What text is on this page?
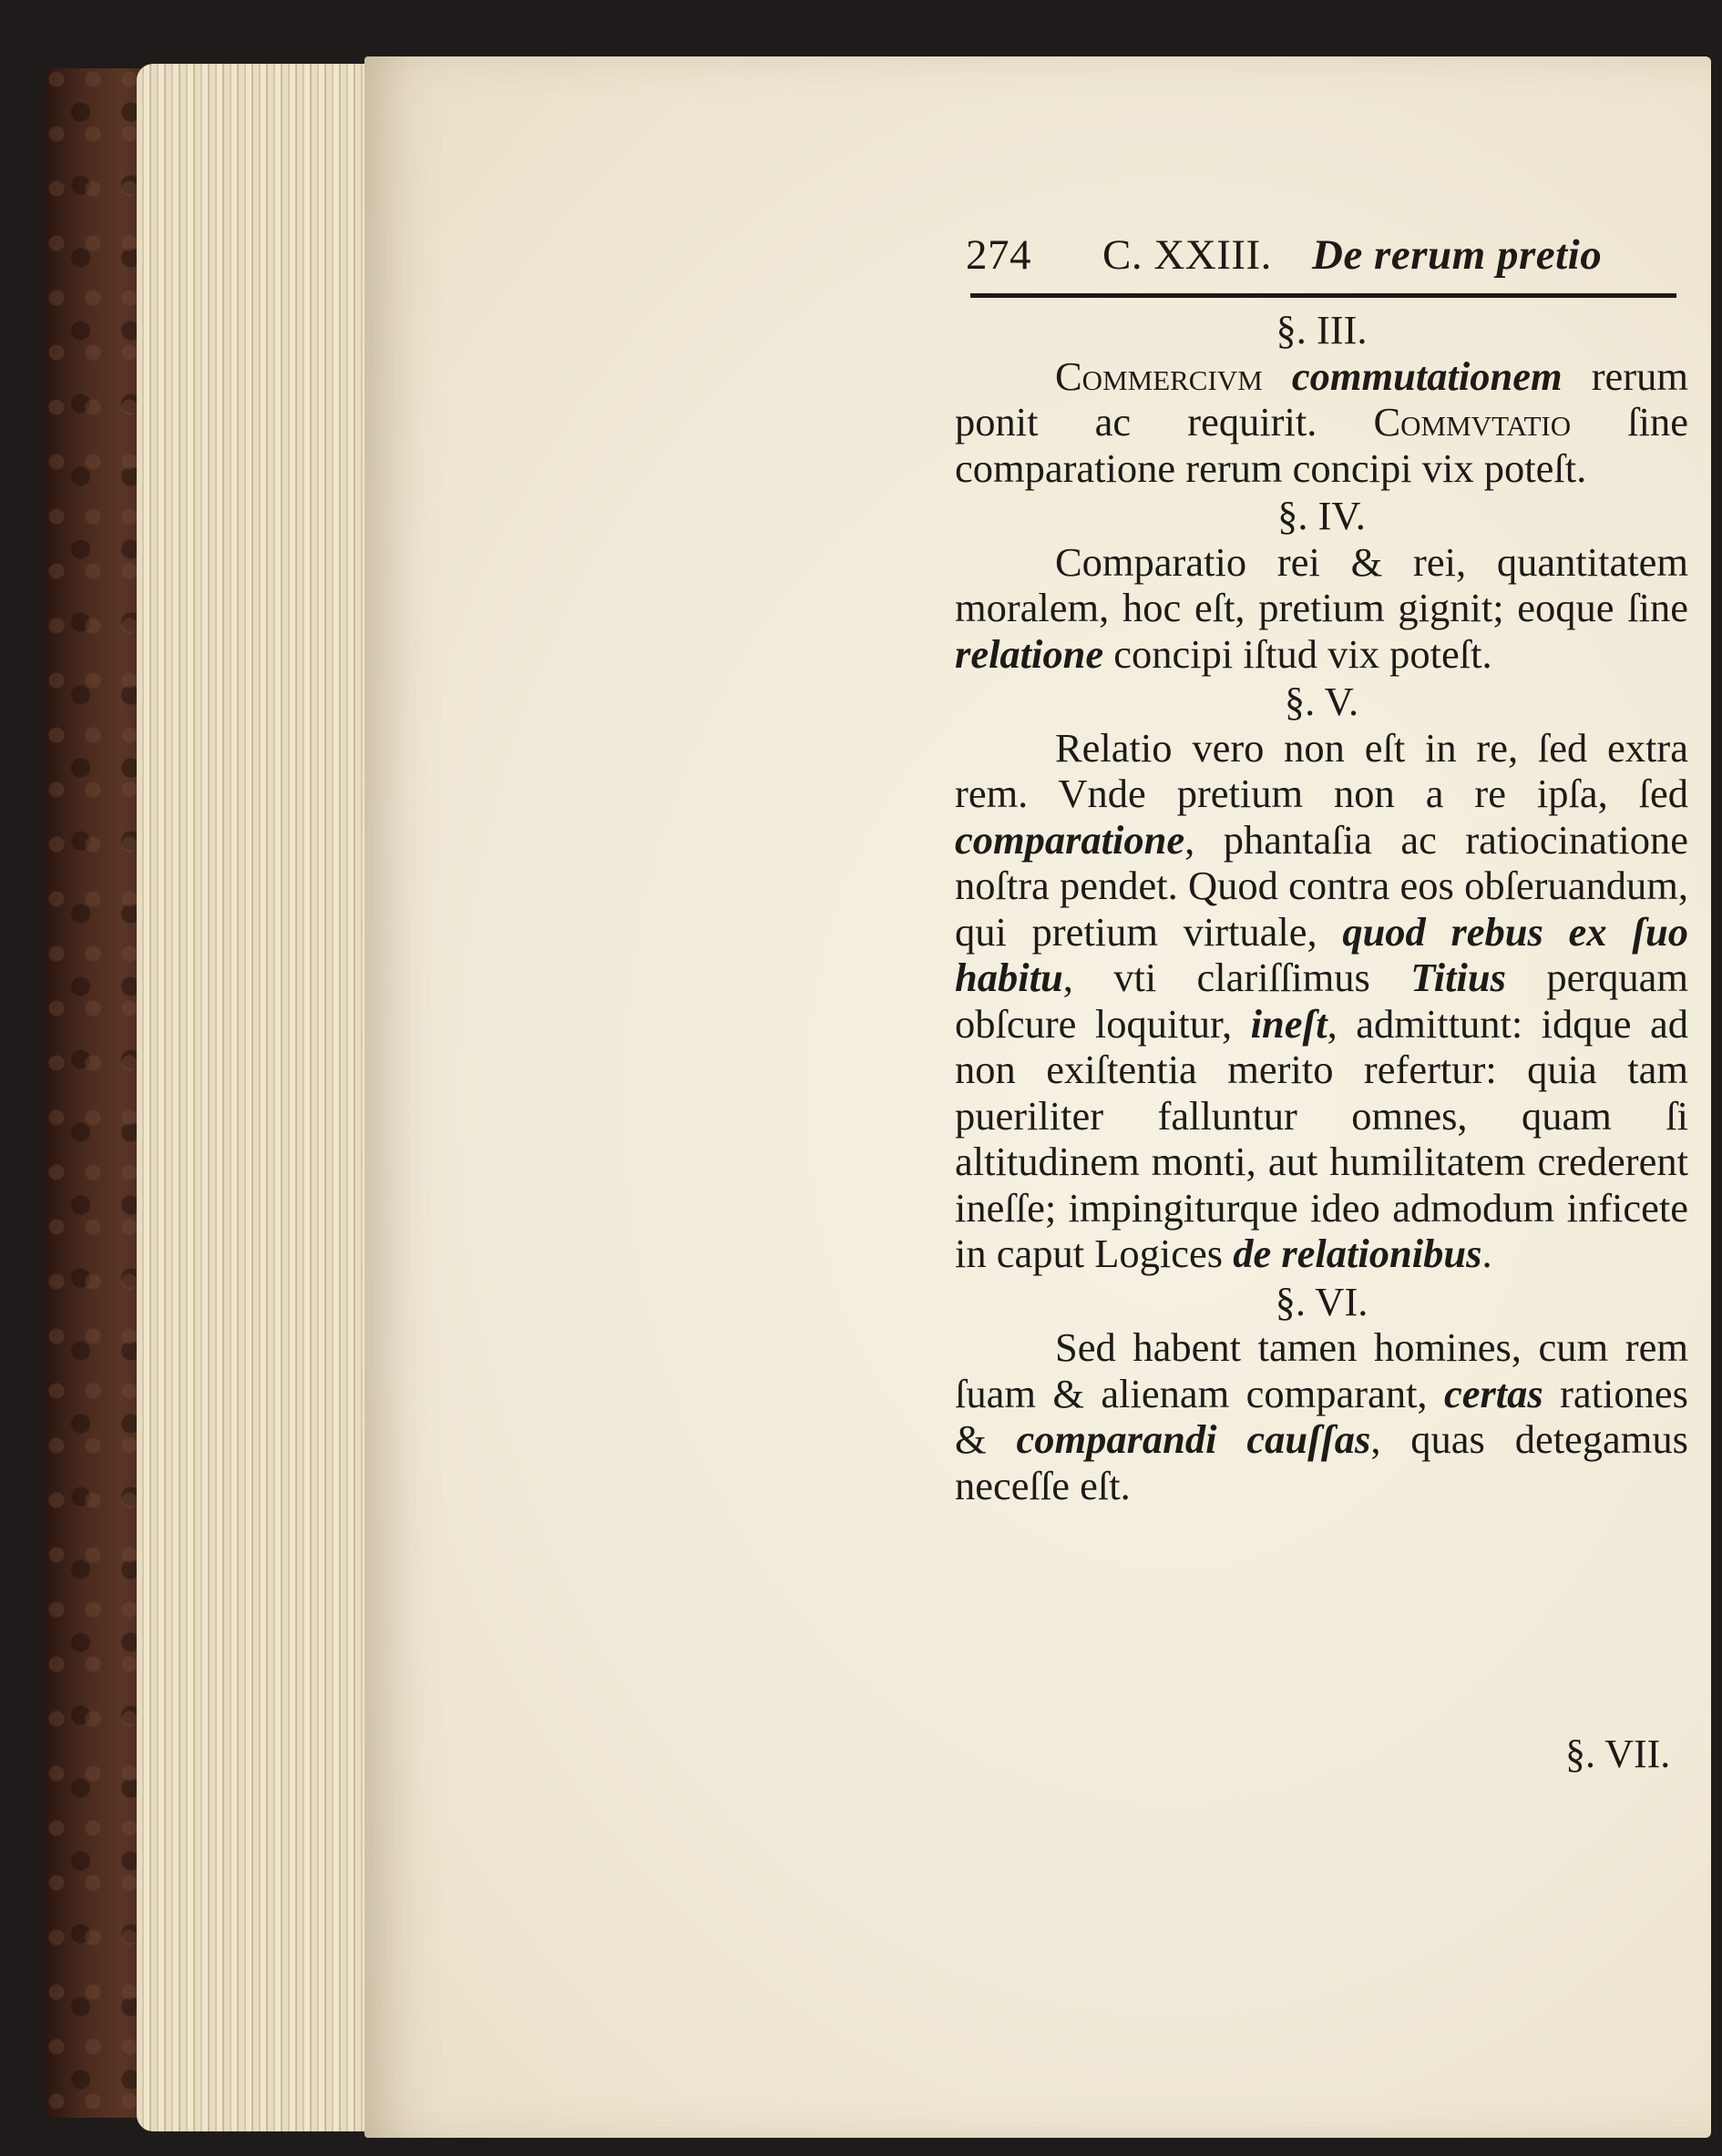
274 C. XXIII. De rerum pretio
§. III.

Commercivm commutationem rerum ponit ac requirit. Commvtatio ſine comparatione rerum concipi vix poteſt.

§. IV.

Comparatio rei & rei, quantitatem moralem, hoc eſt, pretium gignit; eoque ſine relatione concipi iſtud vix poteſt.

§. V.

Relatio vero non eſt in re, ſed extra rem. Vnde pretium non a re ipſa, ſed comparatione, phantaſia ac ratiocinatione noſtra pendet. Quod contra eos obſeruandum, qui pretium virtuale, quod rebus ex ſuo habitu, vti clariſſimus Titius perquam obſcure loquitur, ineſt, admittunt: idque ad non exiſtentia merito refertur: quia tam pueriliter falluntur omnes, quam ſi altitudinem monti, aut humilitatem crederent ineſſe; impingiturque ideo admodum inficete in caput Logices de relationibus.

§. VI.

Sed habent tamen homines, cum rem ſuam & alienam comparant, certas rationes & comparandi cauſſas, quas detegamus neceſſe eſt.

§. VII.
